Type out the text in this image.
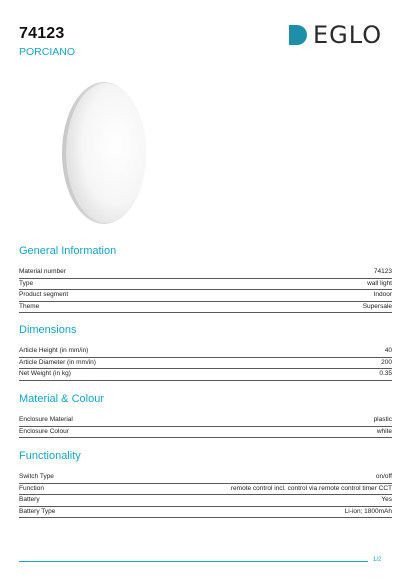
74123
PORCIANO
EGLO
General Information
Material number	74123
Type	wall light
Product segment	Indoor
Theme	Supersale
Dimensions
Article Height (in mm/in)	40
Article Diameter (in mm/in)	200
Net Weight (in kg)	0.35
Material & Colour
Enclosure Material	plastic
Enclosure Colour	white
Functionality
Switch Type	on/off
Function	remote control incl. control via remote control timer CCT
Battery	Yes
Battery Type	Li-ion; 1800mAh
1/2
